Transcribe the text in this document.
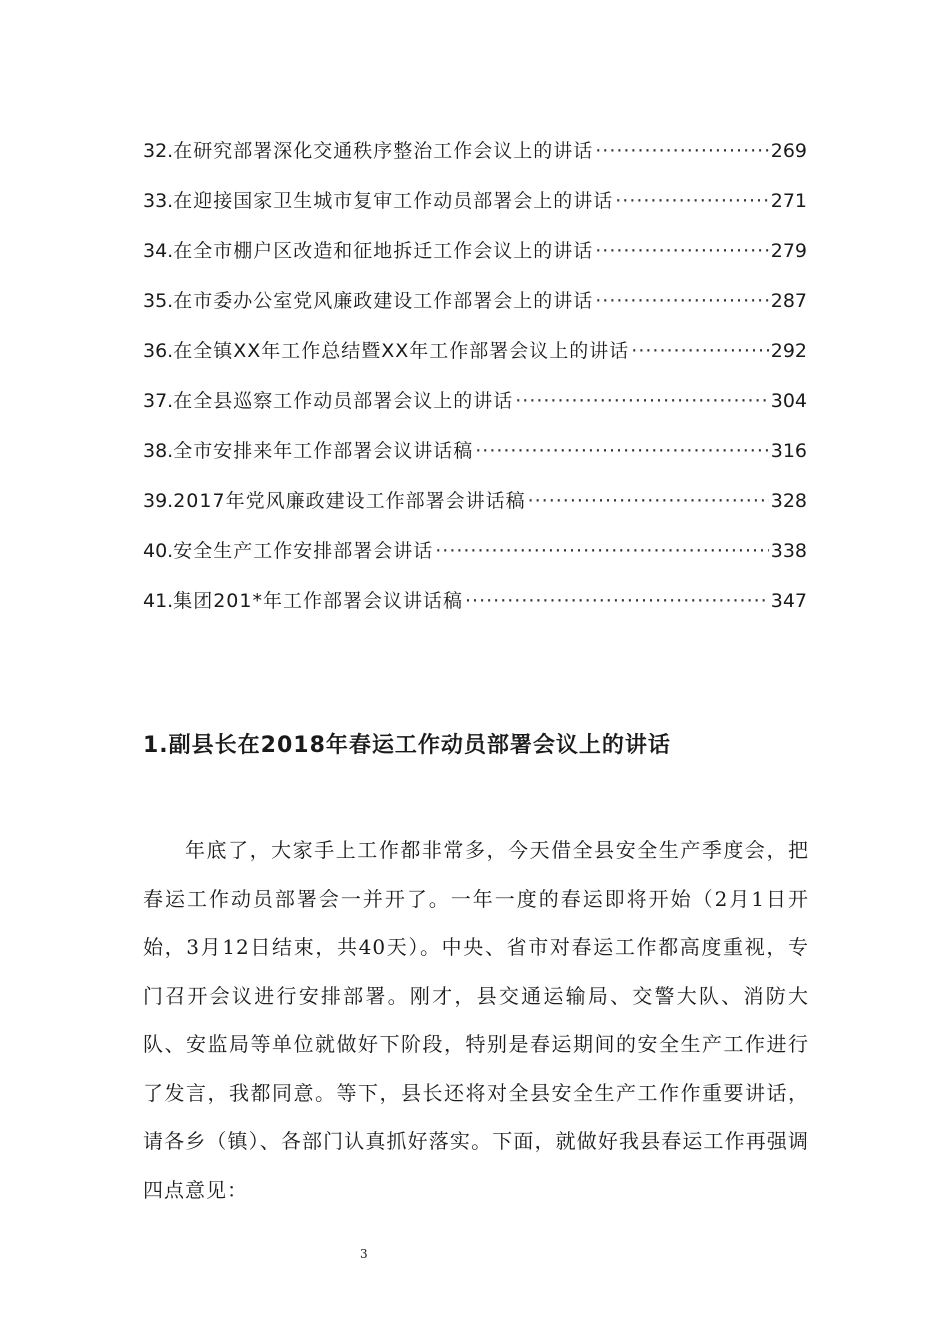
32. 在研究部署深化交通秩序整治工作会议上的讲话 ·····	269
33. 在迎接国家卫生城市复审工作动员部署会上的讲话 ·····	271
34. 在全市棚户区改造和征地拆迁工作会议上的讲话 ·····	279
35. 在市委办公室党风廉政建设工作部署会上的讲话 ·····	287
36. 在全镇XX年工作总结暨XX年工作部署会议上的讲话 ·····	292
37. 在全县巡察工作动员部署会议上的讲话 ·····	304
38. 全市安排来年工作部署会议讲话稿 ·····	316
39. 2017年党风廉政建设工作部署会讲话稿 ·····	328
40. 安全生产工作安排部署会讲话 ·····	338
41. 集团201*年工作部署会议讲话稿 ·····	347
1.副县长在2018年春运工作动员部署会议上的讲话

年底了，大家手上工作都非常多，今天借全县安全生产季度会，把春运工作动员部署会一并开了。一年一度的春运即将开始（2月1日开始，3月12日结束，共40天）。中央、省市对春运工作都高度重视，专门召开会议进行安排部署。刚才，县交通运输局、交警大队、消防大队、安监局等单位就做好下阶段，特别是春运期间的安全生产工作进行了发言，我都同意。等下，县长还将对全县安全生产工作作重要讲话，请各乡（镇）、各部门认真抓好落实。下面，就做好我县春运工作再强调四点意见：

3
